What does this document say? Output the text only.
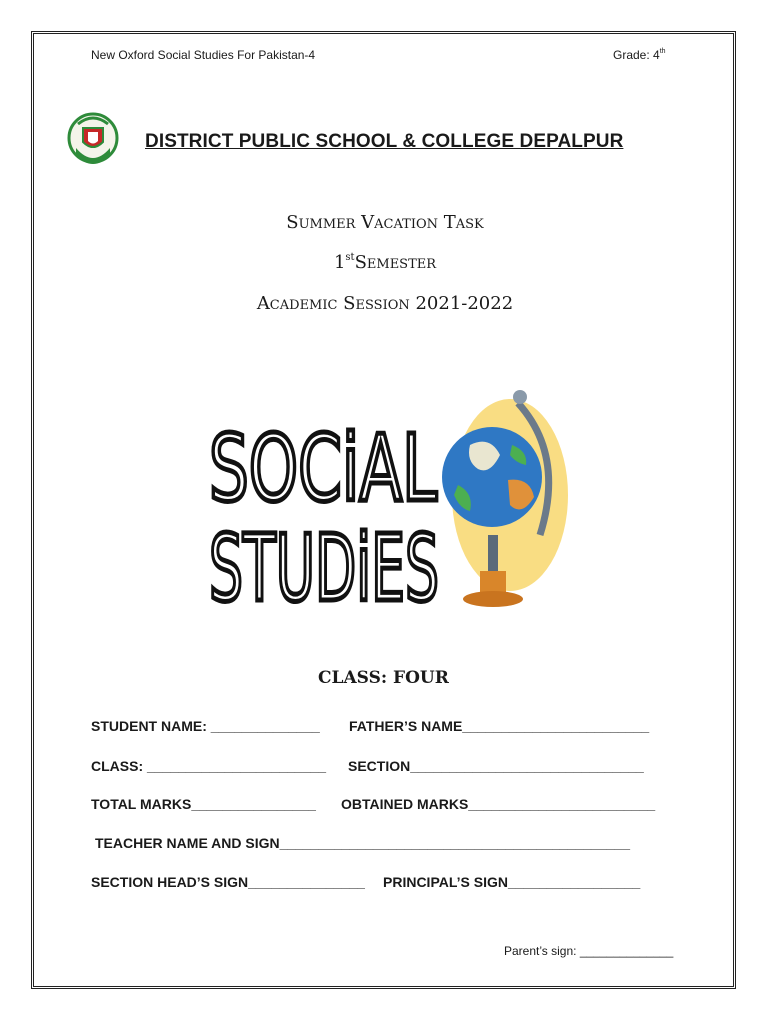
New Oxford Social Studies For Pakistan-4	Grade: 4th
DISTRICT PUBLIC SCHOOL & COLLEGE DEPALPUR
Summer Vacation Task
1stSemester
Academic Session 2021-2022
SOCiAL
STUDiES
CLASS: FOUR
STUDENT NAME: ______________ FATHER’S NAME________________________
CLASS: _______________________ SECTION______________________________
TOTAL MARKS________________ OBTAINED MARKS________________________
TEACHER NAME AND SIGN_____________________________________________
SECTION HEAD’S SIGN_______________ PRINCIPAL’S SIGN_________________
Parent’s sign: ______________
